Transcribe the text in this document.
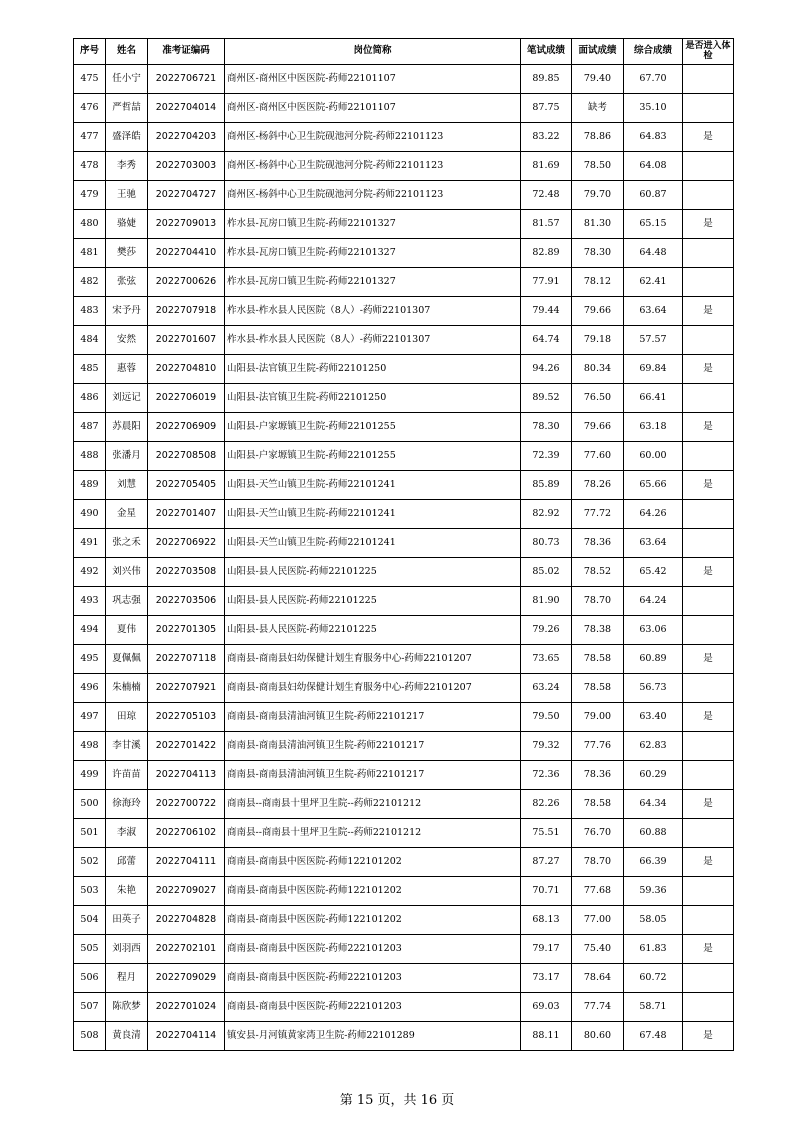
序号	姓名	准考证编码	岗位简称	笔试成绩	面试成绩	综合成绩	是否进入体检
475	任小宁	2022706721	商州区-商州区中医医院-药师22101107	89.85	79.40	67.70	
476	严哲喆	2022704014	商州区-商州区中医医院-药师22101107	87.75	缺考	35.10	
477	盛泽皓	2022704203	商州区-杨斜中心卫生院砚池河分院-药师22101123	83.22	78.86	64.83	是
478	李秀	2022703003	商州区-杨斜中心卫生院砚池河分院-药师22101123	81.69	78.50	64.08	
479	王驰	2022704727	商州区-杨斜中心卫生院砚池河分院-药师22101123	72.48	79.70	60.87	
480	骆婕	2022709013	柞水县-瓦房口镇卫生院-药师22101327	81.57	81.30	65.15	是
481	樊莎	2022704410	柞水县-瓦房口镇卫生院-药师22101327	82.89	78.30	64.48	
482	张弦	2022700626	柞水县-瓦房口镇卫生院-药师22101327	77.91	78.12	62.41	
483	宋予丹	2022707918	柞水县-柞水县人民医院（8人）-药师22101307	79.44	79.66	63.64	是
484	安然	2022701607	柞水县-柞水县人民医院（8人）-药师22101307	64.74	79.18	57.57	
485	惠蓉	2022704810	山阳县-法官镇卫生院-药师22101250	94.26	80.34	69.84	是
486	刘远记	2022706019	山阳县-法官镇卫生院-药师22101250	89.52	76.50	66.41	
487	苏晨阳	2022706909	山阳县-户家塬镇卫生院-药师22101255	78.30	79.66	63.18	是
488	张潘月	2022708508	山阳县-户家塬镇卫生院-药师22101255	72.39	77.60	60.00	
489	刘慧	2022705405	山阳县-天竺山镇卫生院-药师22101241	85.89	78.26	65.66	是
490	金星	2022701407	山阳县-天竺山镇卫生院-药师22101241	82.92	77.72	64.26	
491	张之禾	2022706922	山阳县-天竺山镇卫生院-药师22101241	80.73	78.36	63.64	
492	刘兴伟	2022703508	山阳县-县人民医院-药师22101225	85.02	78.52	65.42	是
493	巩志强	2022703506	山阳县-县人民医院-药师22101225	81.90	78.70	64.24	
494	夏伟	2022701305	山阳县-县人民医院-药师22101225	79.26	78.38	63.06	
495	夏佩佩	2022707118	商南县-商南县妇幼保健计划生育服务中心-药师22101207	73.65	78.58	60.89	是
496	朱楠楠	2022707921	商南县-商南县妇幼保健计划生育服务中心-药师22101207	63.24	78.58	56.73	
497	田琼	2022705103	商南县-商南县清油河镇卫生院-药师22101217	79.50	79.00	63.40	是
498	李甘溪	2022701422	商南县-商南县清油河镇卫生院-药师22101217	79.32	77.76	62.83	
499	许苗苗	2022704113	商南县-商南县清油河镇卫生院-药师22101217	72.36	78.36	60.29	
500	徐海玲	2022700722	商南县--商南县十里坪卫生院--药师22101212	82.26	78.58	64.34	是
501	李淑	2022706102	商南县--商南县十里坪卫生院--药师22101212	75.51	76.70	60.88	
502	邱蕾	2022704111	商南县-商南县中医医院-药师122101202	87.27	78.70	66.39	是
503	朱艳	2022709027	商南县-商南县中医医院-药师122101202	70.71	77.68	59.36	
504	田英子	2022704828	商南县-商南县中医医院-药师122101202	68.13	77.00	58.05	
505	刘羽西	2022702101	商南县-商南县中医医院-药师222101203	79.17	75.40	61.83	是
506	程月	2022709029	商南县-商南县中医医院-药师222101203	73.17	78.64	60.72	
507	陈欣梦	2022701024	商南县-商南县中医医院-药师222101203	69.03	77.74	58.71	
508	黄良清	2022704114	镇安县-月河镇黄家湾卫生院-药师22101289	88.11	80.60	67.48	是
第 15 页，共 16 页
